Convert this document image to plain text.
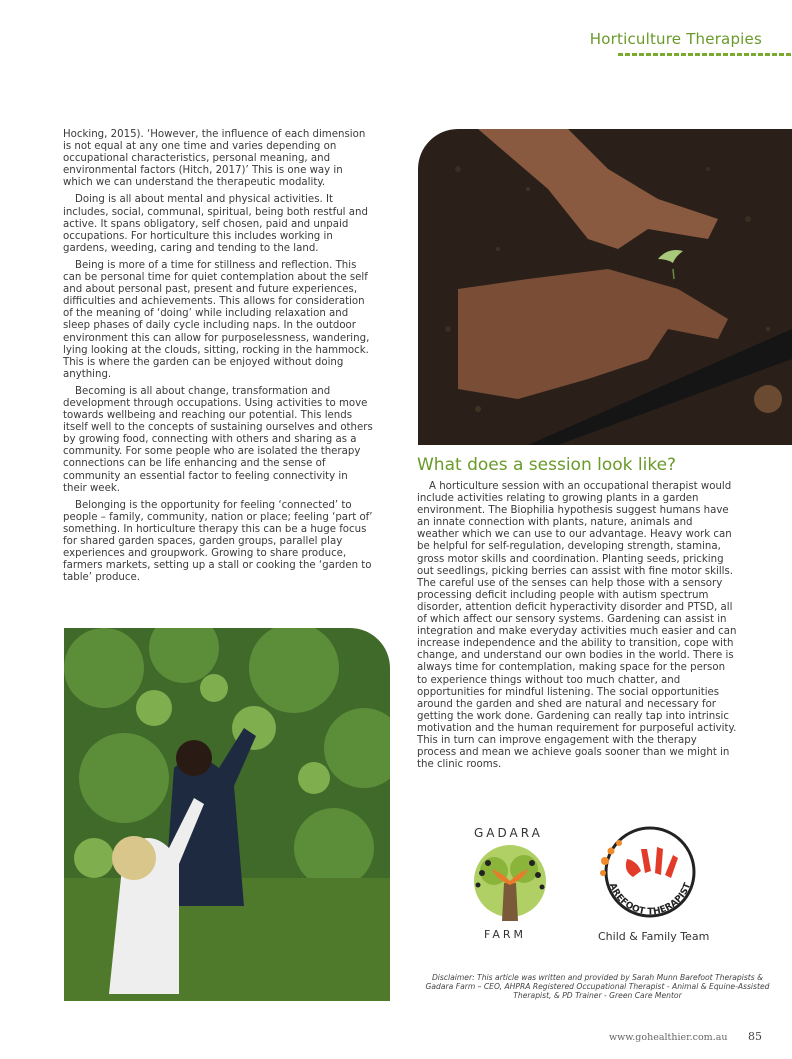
Horticulture Therapies

Hocking, 2015). ‘However, the influence of each dimension is not equal at any one time and varies depending on occupational characteristics, personal meaning, and environmental factors (Hitch, 2017)’ This is one way in which we can understand the therapeutic modality.

Doing is all about mental and physical activities. It includes, social, communal, spiritual, being both restful and active. It spans obligatory, self chosen, paid and unpaid occupations. For horticulture this includes working in gardens, weeding, caring and tending to the land.

Being is more of a time for stillness and reflection. This can be personal time for quiet contemplation about the self and about personal past, present and future experiences, difficulties and achievements. This allows for consideration of the meaning of ‘doing’ while including relaxation and sleep phases of daily cycle including naps. In the outdoor environment this can allow for purposelessness, wandering, lying looking at the clouds, sitting, rocking in the hammock. This is where the garden can be enjoyed without doing anything.

Becoming is all about change, transformation and development through occupations. Using activities to move towards wellbeing and reaching our potential. This lends itself well to the concepts of sustaining ourselves and others by growing food, connecting with others and sharing as a community. For some people who are isolated the therapy connections can be life enhancing and the sense of community an essential factor to feeling connectivity in their week.

Belonging is the opportunity for feeling ‘connected’ to people – family, community, nation or place; feeling ‘part of’ something. In horticulture therapy this can be a huge focus for shared garden spaces, garden groups, parallel play experiences and groupwork. Growing to share produce, farmers markets, setting up a stall or cooking the ‘garden to table’ produce.

What does a session look like?

A horticulture session with an occupational therapist would include activities relating to growing plants in a garden environment. The Biophilia hypothesis suggest humans have an innate connection with plants, nature, animals and weather which we can use to our advantage. Heavy work can be helpful for self-regulation, developing strength, stamina, gross motor skills and coordination. Planting seeds, pricking out seedlings, picking berries can assist with fine motor skills. The careful use of the senses can help those with a sensory processing deficit including people with autism spectrum disorder, attention deficit hyperactivity disorder and PTSD, all of which affect our sensory systems. Gardening can assist in integration and make everyday activities much easier and can increase independence and the ability to transition, cope with change, and understand our own bodies in the world. There is always time for contemplation, making space for the person to experience things without too much chatter, and opportunities for mindful listening. The social opportunities around the garden and shed are natural and necessary for getting the work done. Gardening can really tap into intrinsic motivation and the human requirement for purposeful activity. This in turn can improve engagement with the therapy process and mean we achieve goals sooner than we might in the clinic rooms.

GADARA
FARM
AREFOOT THERAPIST
Child & Family Team
Disclaimer: This article was written and provided by Sarah Munn Barefoot Therapists & Gadara Farm – CEO, AHPRA Registered Occupational Therapist - Animal & Equine-Assisted Therapist, & PD Trainer - Green Care Mentor
www.gohealthier.com.au 85
